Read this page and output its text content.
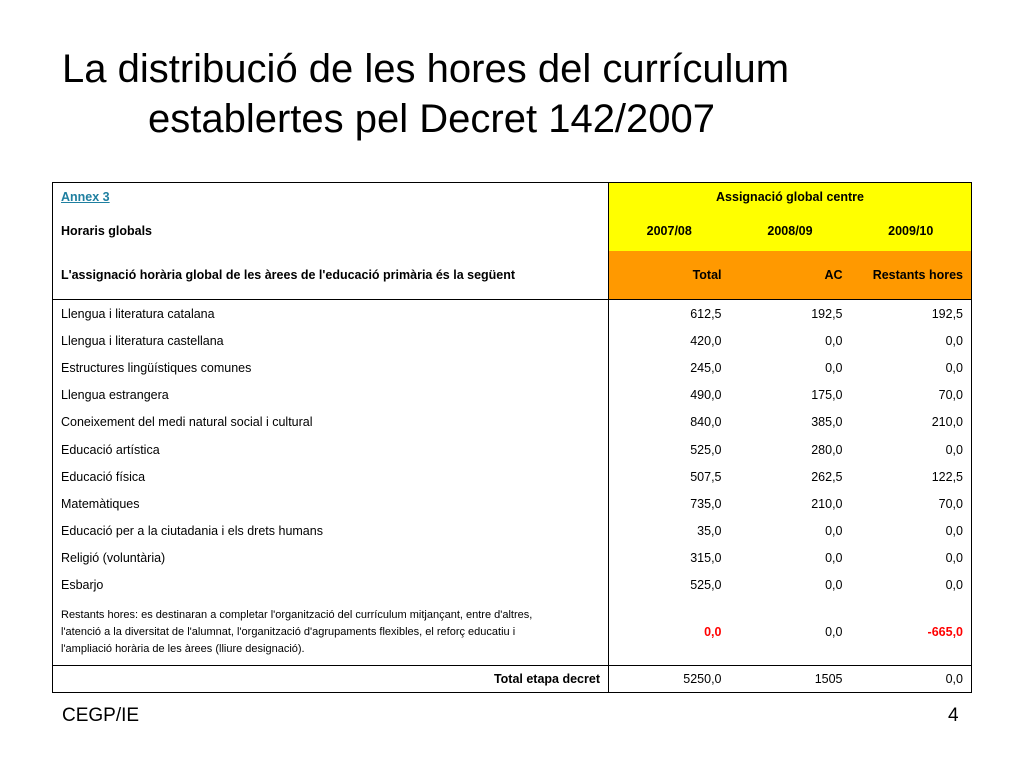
La distribució de les hores del currículum
establertes pel Decret 142/2007
Annex 3	Assignació global centre		
Horaris globals	2007/08	2008/09	2009/10
L'assignació horària global de les àrees de l'educació primària és la següent	Total	AC	Restants hores
Llengua i literatura catalana	612,5	192,5	192,5
Llengua i literatura castellana	420,0	0,0	0,0
Estructures lingüístiques comunes	245,0	0,0	0,0
Llengua estrangera	490,0	175,0	70,0
Coneixement del medi natural social i cultural	840,0	385,0	210,0
Educació artística	525,0	280,0	0,0
Educació física	507,5	262,5	122,5
Matemàtiques	735,0	210,0	70,0
Educació per a la ciutadania i els drets humans	35,0	0,0	0,0
Religió (voluntària)	315,0	0,0	0,0
Esbarjo	525,0	0,0	0,0

Restants hores: es destinaran a completar l'organització del currículum mitjançant, entre d'altres,
l'atenció a la diversitat de l'alumnat, l'organització d'agrupaments flexibles, el reforç educatiu i
l'ampliació horària de les àrees (lliure designació).	0,0	0,0	-665,0
Total etapa decret	5250,0	1505	0,0
CEGP/IE	4
